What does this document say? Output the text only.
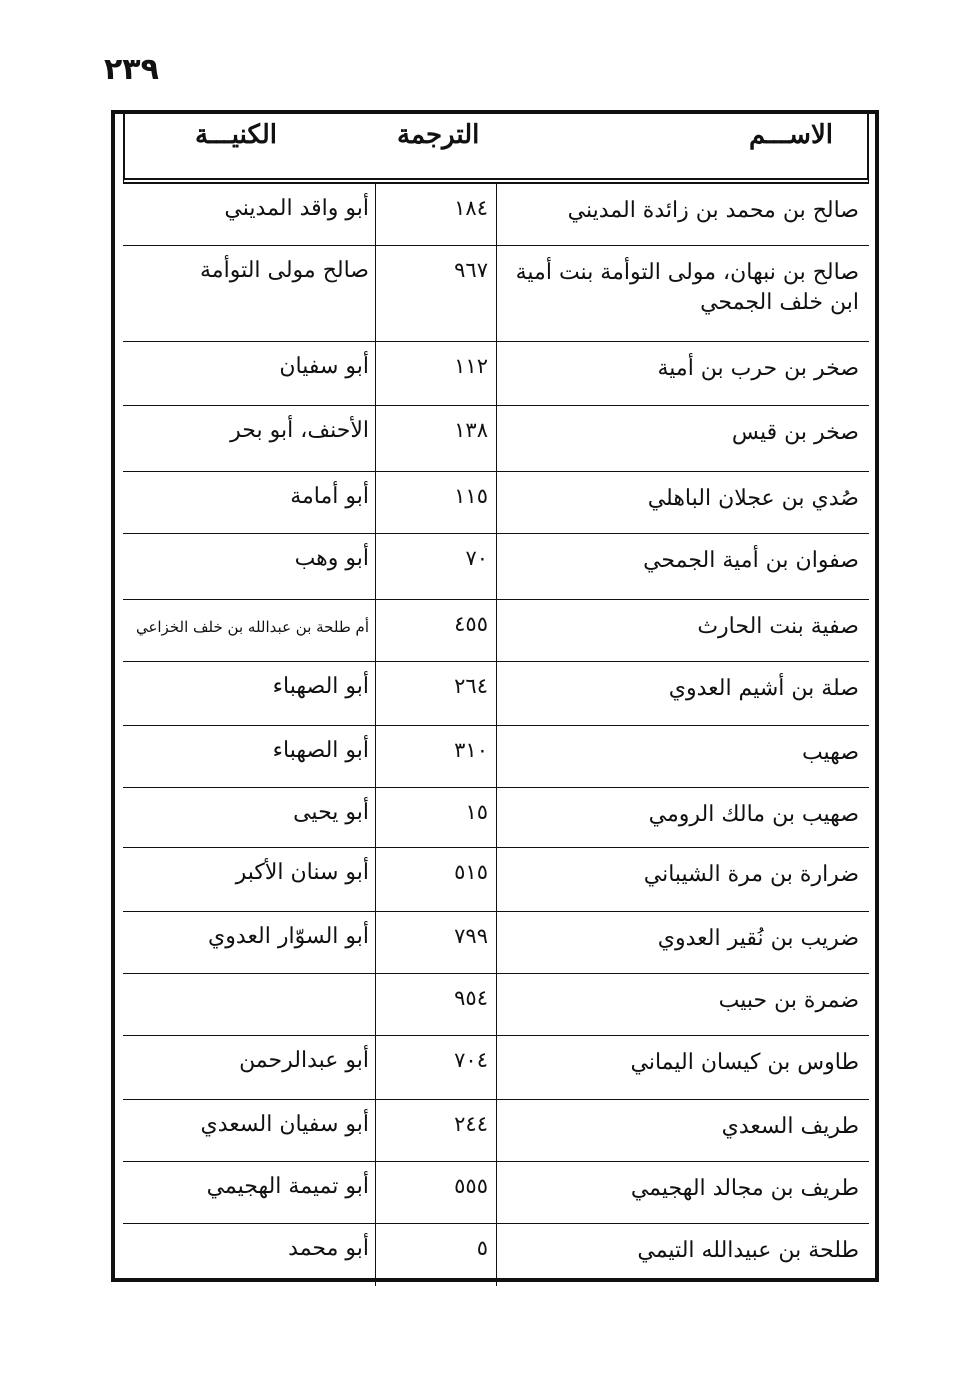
٢٣٩
الاســـم
الترجمة
الكنيـــة
صالح بن محمد بن زائدة المديني
١٨٤
أبو واقد المديني
صالح بن نبهان، مولى التوأمة بنت أمية ابن خلف الجمحي
٩٦٧
صالح مولى التوأمة
صخر بن حرب بن أمية
١١٢
أبو سفيان
صخر بن قيس
١٣٨
الأحنف، أبو بحر
صُدي بن عجلان الباهلي
١١٥
أبو أمامة
صفوان بن أمية الجمحي
٧٠
أبو وهب
صفية بنت الحارث
٤٥٥
أم طلحة بن عبدالله بن خلف الخزاعي
صلة بن أشيم العدوي
٢٦٤
أبو الصهباء
صهيب
٣١٠
أبو الصهباء
صهيب بن مالك الرومي
١٥
أبو يحيى
ضرارة بن مرة الشيباني
٥١٥
أبو سنان الأكبر
ضريب بن نُقير العدوي
٧٩٩
أبو السوّار العدوي
ضمرة بن حبيب
٩٥٤
طاوس بن كيسان اليماني
٧٠٤
أبو عبدالرحمن
طريف السعدي
٢٤٤
أبو سفيان السعدي
طريف بن مجالد الهجيمي
٥٥٥
أبو تميمة الهجيمي
طلحة بن عبيدالله التيمي
٥
أبو محمد
